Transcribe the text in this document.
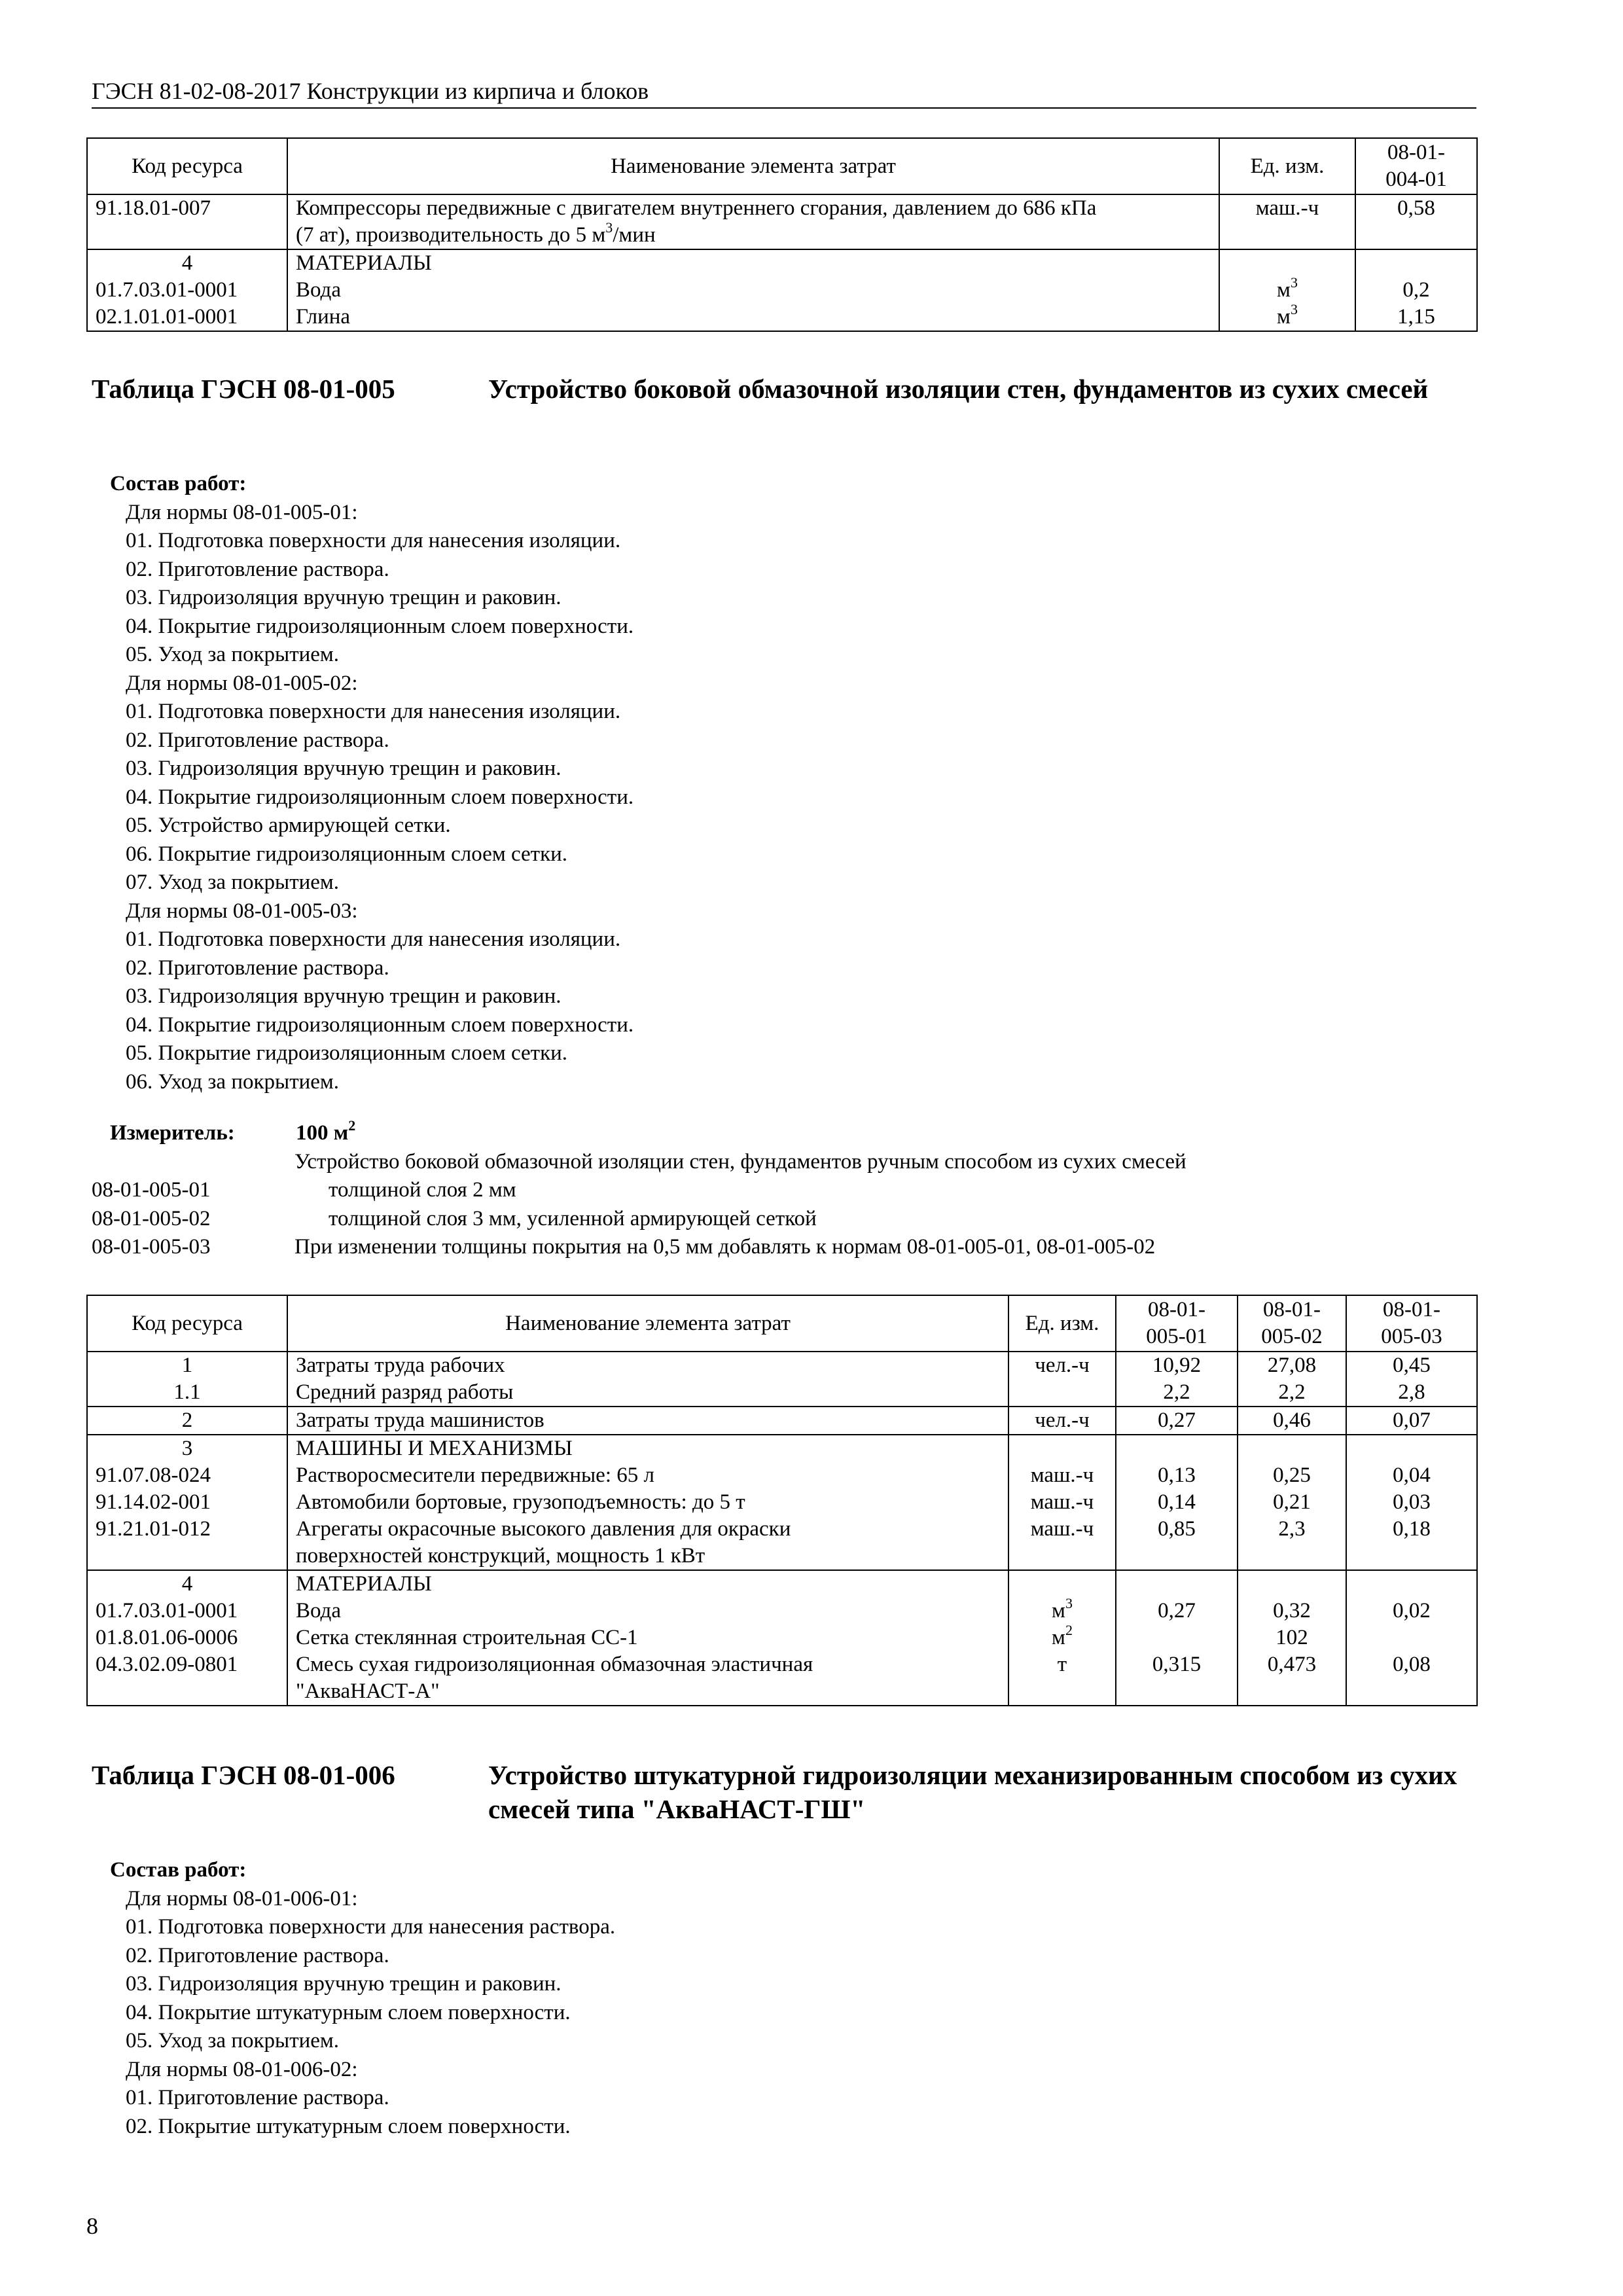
ГЭСН 81-02-08-2017 Конструкции из кирпича и блоков
Код ресурса	Наименование элемента затрат	Ед. изм.	08-01-
004-01
91.18.01-007	Компрессоры передвижные с двигателем внутреннего сгорания, давлением до 686 кПа
(7 ат), производительность до 5 $м^3$/мин	маш.-ч	0,58
4	МАТЕРИАЛЫ		
01.7.03.01-0001	Вода	$м^3$	0,2
02.1.01.01-0001	Глина	$м^3$	1,15
Таблица ГЭСН 08-01-005	Устройство боковой обмазочной изоляции стен, фундаментов из сухих смесей
Состав работ:
Для нормы 08-01-005-01:
01. Подготовка поверхности для нанесения изоляции.
02. Приготовление раствора.
03. Гидроизоляция вручную трещин и раковин.
04. Покрытие гидроизоляционным слоем поверхности.
05. Уход за покрытием.
Для нормы 08-01-005-02:
01. Подготовка поверхности для нанесения изоляции.
02. Приготовление раствора.
03. Гидроизоляция вручную трещин и раковин.
04. Покрытие гидроизоляционным слоем поверхности.
05. Устройство армирующей сетки.
06. Покрытие гидроизоляционным слоем сетки.
07. Уход за покрытием.
Для нормы 08-01-005-03:
01. Подготовка поверхности для нанесения изоляции.
02. Приготовление раствора.
03. Гидроизоляция вручную трещин и раковин.
04. Покрытие гидроизоляционным слоем поверхности.
05. Покрытие гидроизоляционным слоем сетки.
06. Уход за покрытием.
Измеритель:	100 $м^2$
Устройство боковой обмазочной изоляции стен, фундаментов ручным способом из сухих смесей
08-01-005-01	толщиной слоя 2 мм
08-01-005-02	толщиной слоя 3 мм, усиленной армирующей сеткой
08-01-005-03	При изменении толщины покрытия на 0,5 мм добавлять к нормам 08-01-005-01, 08-01-005-02
Код ресурса	Наименование элемента затрат	Ед. изм.	08-01-
005-01	08-01-
005-02	08-01-
005-03
1	Затраты труда рабочих	чел.-ч	10,92	27,08	0,45
1.1	Средний разряд работы		2,2	2,2	2,8
2	Затраты труда машинистов	чел.-ч	0,27	0,46	0,07
3	МАШИНЫ И МЕХАНИЗМЫ				
91.07.08-024	Растворосмесители передвижные: 65 л	маш.-ч	0,13	0,25	0,04
91.14.02-001	Автомобили бортовые, грузоподъемность: до 5 т	маш.-ч	0,14	0,21	0,03
91.21.01-012	Агрегаты окрасочные высокого давления для окраски
поверхностей конструкций, мощность 1 кВт	маш.-ч	0,85	2,3	0,18
4	МАТЕРИАЛЫ				
01.7.03.01-0001	Вода	$м^3$	0,27	0,32	0,02
01.8.01.06-0006	Сетка стеклянная строительная СС-1	$м^2$		102	
04.3.02.09-0801	Смесь сухая гидроизоляционная обмазочная эластичная
"АкваНАСТ-А"	т	0,315	0,473	0,08
Таблица ГЭСН 08-01-006	Устройство штукатурной гидроизоляции механизированным способом из сухих смесей типа "АкваНАСТ-ГШ"
Состав работ:
Для нормы 08-01-006-01:
01. Подготовка поверхности для нанесения раствора.
02. Приготовление раствора.
03. Гидроизоляция вручную трещин и раковин.
04. Покрытие штукатурным слоем поверхности.
05. Уход за покрытием.
Для нормы 08-01-006-02:
01. Приготовление раствора.
02. Покрытие штукатурным слоем поверхности.
8
